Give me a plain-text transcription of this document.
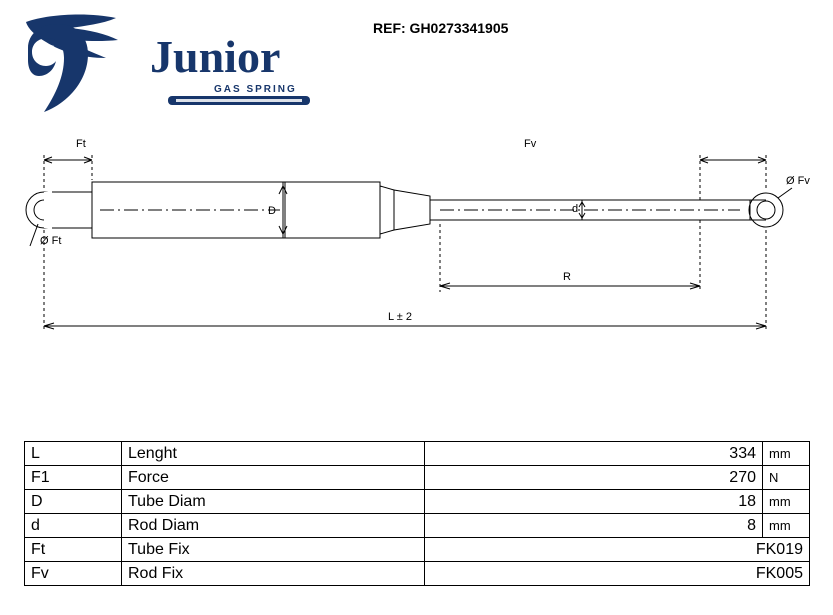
Junior
GAS SPRING
REF: GH0273341905
Ft
Ø Ft
Fv
Ø Fv
D	d
R
L ± 2
L	Lenght	334	mm
F1	Force	270	N
D	Tube Diam	18	mm
d	Rod Diam	8	mm
Ft	Tube Fix	FK019	
Fv	Rod Fix	FK005	
